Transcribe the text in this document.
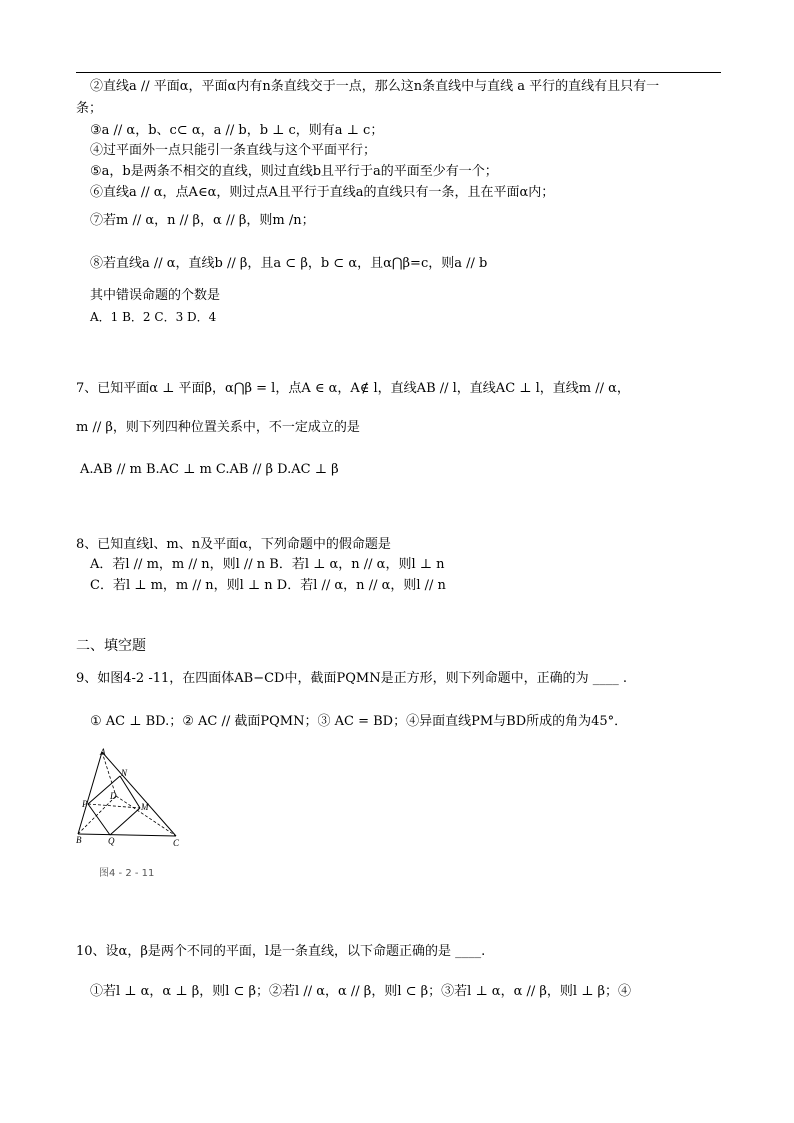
②直线a // 平面α，平面α内有n条直线交于一点，那么这n条直线中与直线 a 平行的直线有且只有一
条；
③a // α，b、c⊂ α，a // b，b ⊥ c，则有a ⊥ c；
④过平面外一点只能引一条直线与这个平面平行；
⑤a，b是两条不相交的直线，则过直线b且平行于a的平面至少有一个；
⑥直线a // α，点A∈α，则过点A且平行于直线a的直线只有一条，且在平面α内；
⑦若m // α，n // β，α // β，则m /n；
⑧若直线a // α，直线b // β，且a ⊂ β，b ⊂ α，且α⋂β=c，则a // b
其中错误命题的个数是
A．1 B．2 C．3 D．4
7、已知平面α ⊥ 平面β，α⋂β = l，点A ∈ α，A∉ l，直线AB // l，直线AC ⊥ l，直线m // α，
m // β，则下列四种位置关系中，不一定成立的是
A.AB // m B.AC ⊥ m C.AB // β D.AC ⊥ β
8、已知直线l、m、n及平面α，下列命题中的假命题是
A．若l // m，m // n，则l // n B．若l ⊥ α，n // α，则l ⊥ n
C．若l ⊥ m，m // n，则l ⊥ n D．若l // α，n // α，则l // n
二、填空题
9、如图4-2 -11，在四面体AB−CD中，截面PQMN是正方形，则下列命题中，正确的为 ____ .
① AC ⊥ BD.；② AC // 截面PQMN；③ AC = BD；④异面直线PM与BD所成的角为45°．
A
N
D
P	M
B	Q	C
图4 - 2 - 11
10、设α，β是两个不同的平面，l是一条直线，以下命题正确的是 ____.
①若l ⊥ α，α ⊥ β，则l ⊂ β；②若l // α，α // β，则l ⊂ β；③若l ⊥ α，α // β，则l ⊥ β；④
